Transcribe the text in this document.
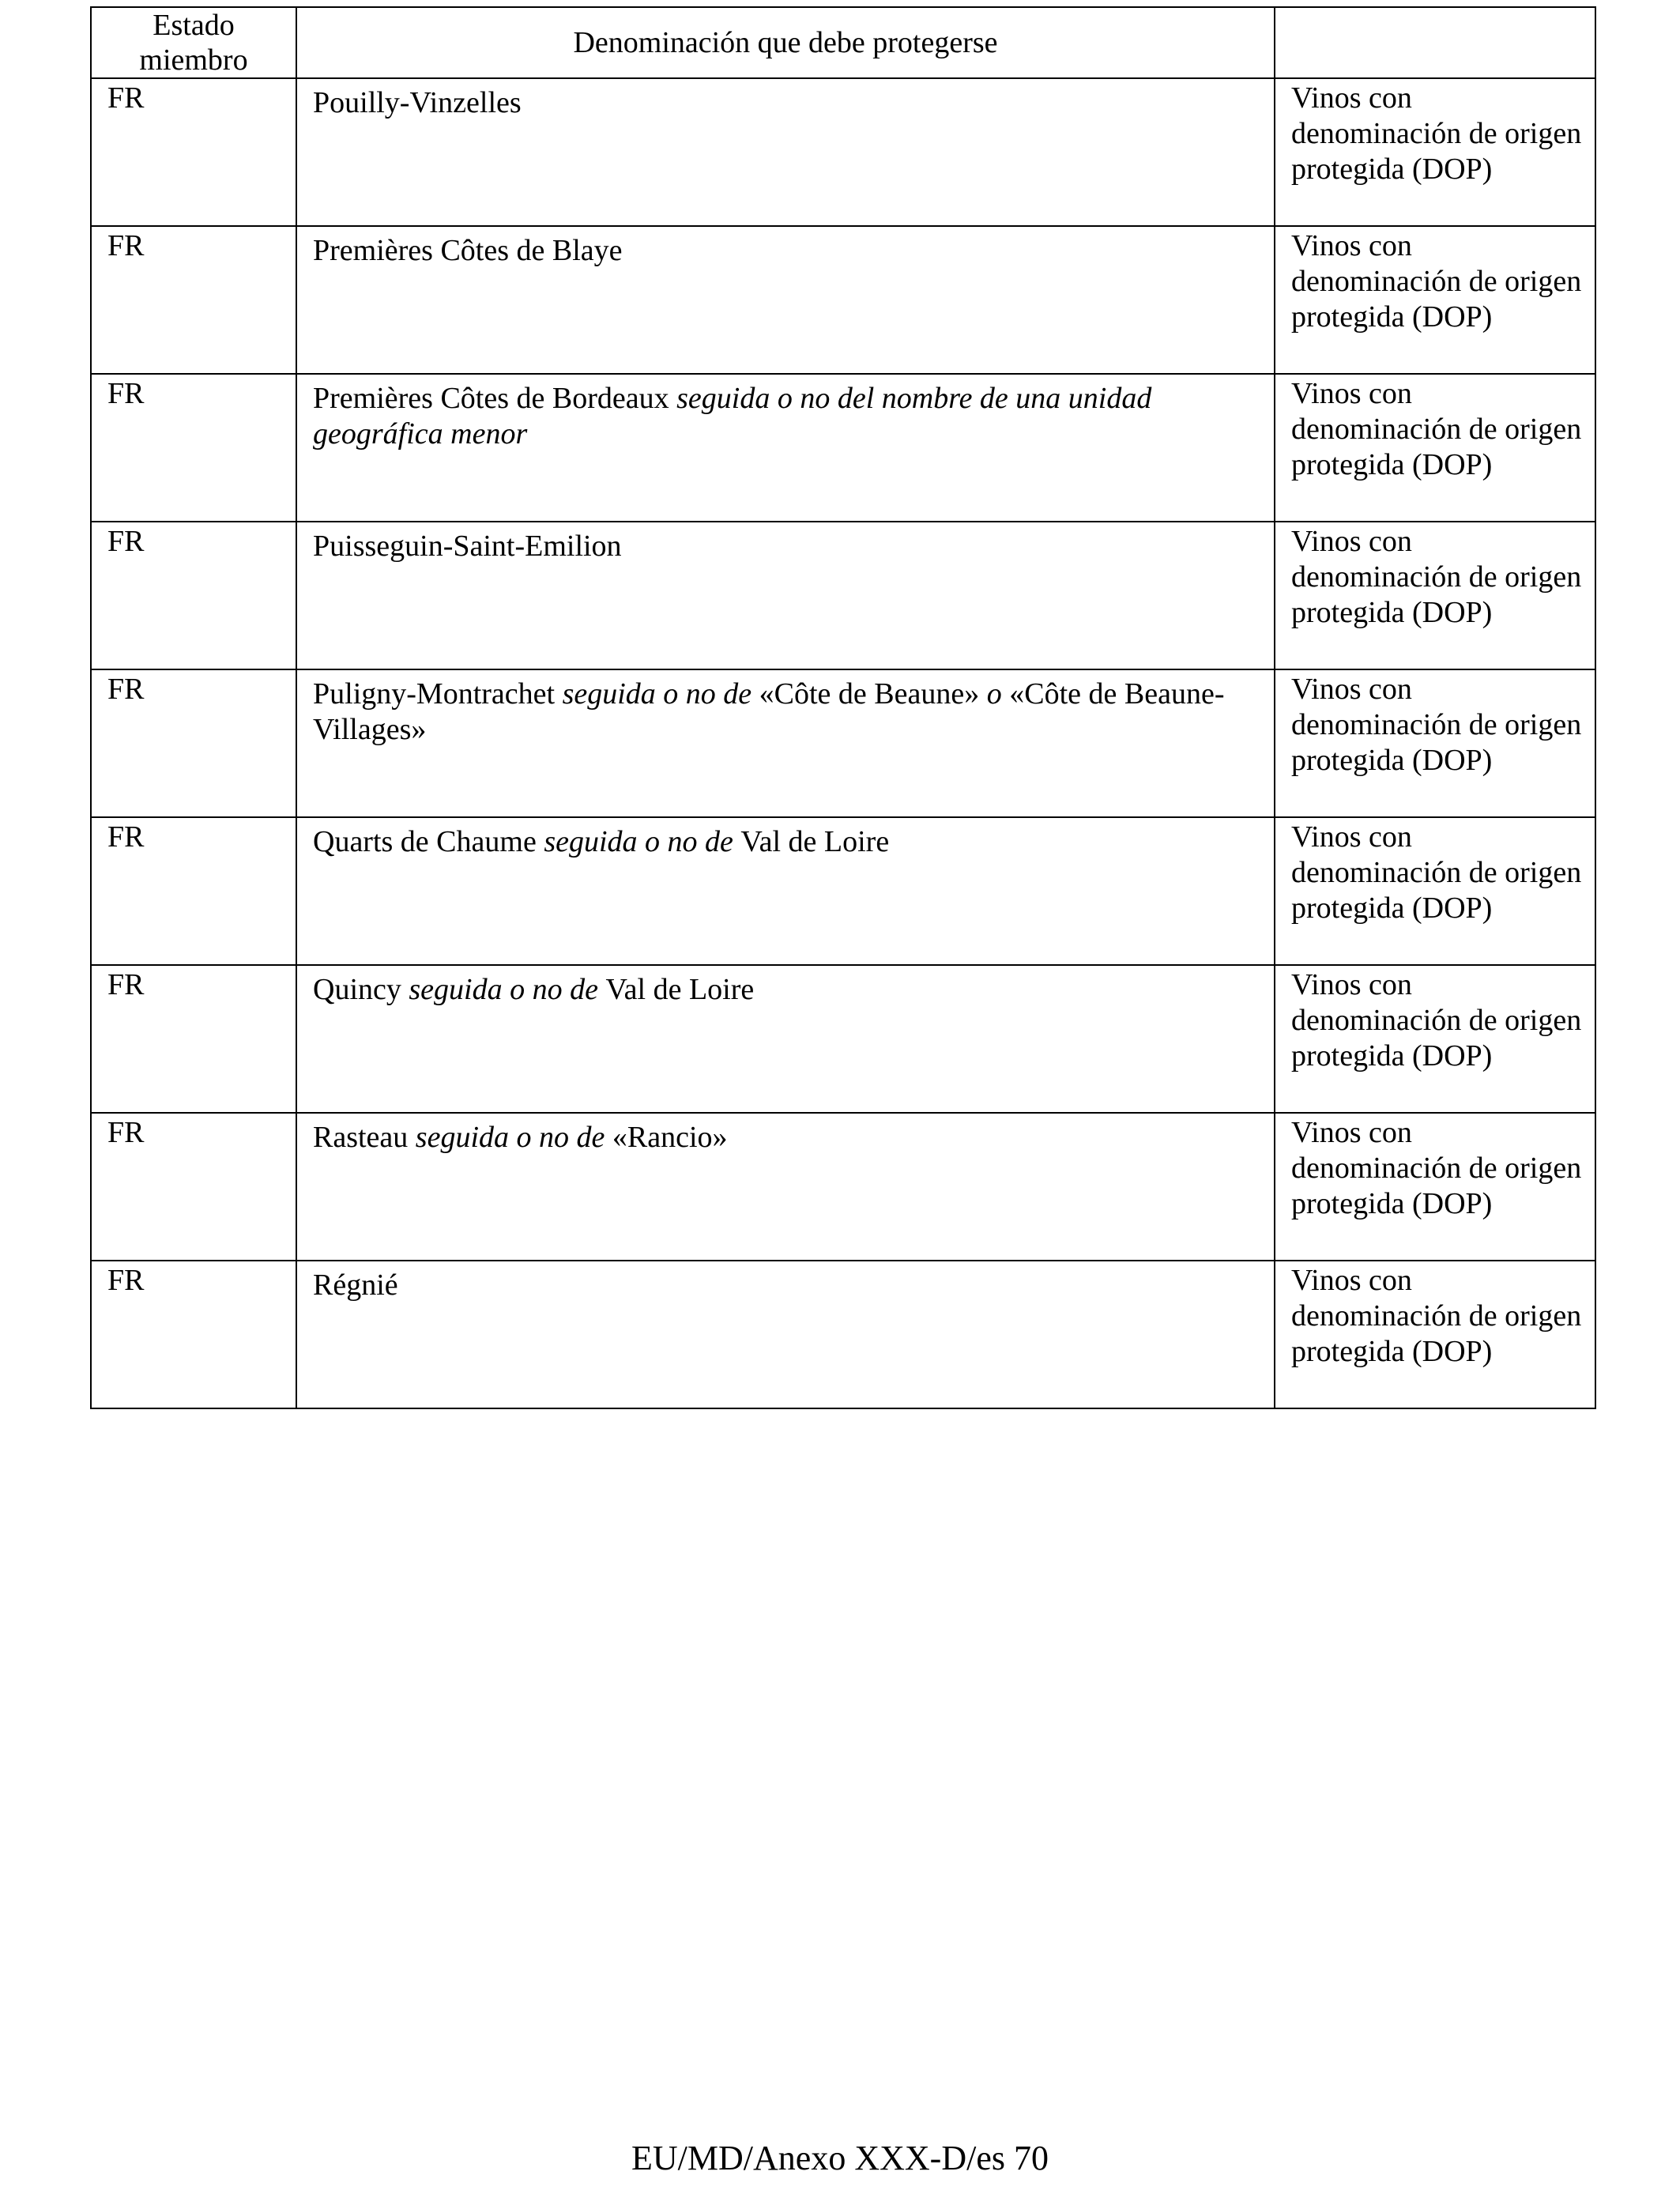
Estado
miembro	Denominación que debe protegerse	
FR	Pouilly-Vinzelles	Vinos con denominación de origen protegida (DOP)
FR	Premières Côtes de Blaye	Vinos con denominación de origen protegida (DOP)
FR	Premières Côtes de Bordeaux seguida o no del nombre de una unidad geográfica menor	Vinos con denominación de origen protegida (DOP)
FR	Puisseguin-Saint-Emilion	Vinos con denominación de origen protegida (DOP)
FR	Puligny-Montrachet seguida o no de «Côte de Beaune» o «Côte de Beaune-Villages»	Vinos con denominación de origen protegida (DOP)
FR	Quarts de Chaume seguida o no de Val de Loire	Vinos con denominación de origen protegida (DOP)
FR	Quincy seguida o no de Val de Loire	Vinos con denominación de origen protegida (DOP)
FR	Rasteau seguida o no de «Rancio»	Vinos con denominación de origen protegida (DOP)
FR	Régnié	Vinos con denominación de origen protegida (DOP)
EU/MD/Anexo XXX-D/es 70
